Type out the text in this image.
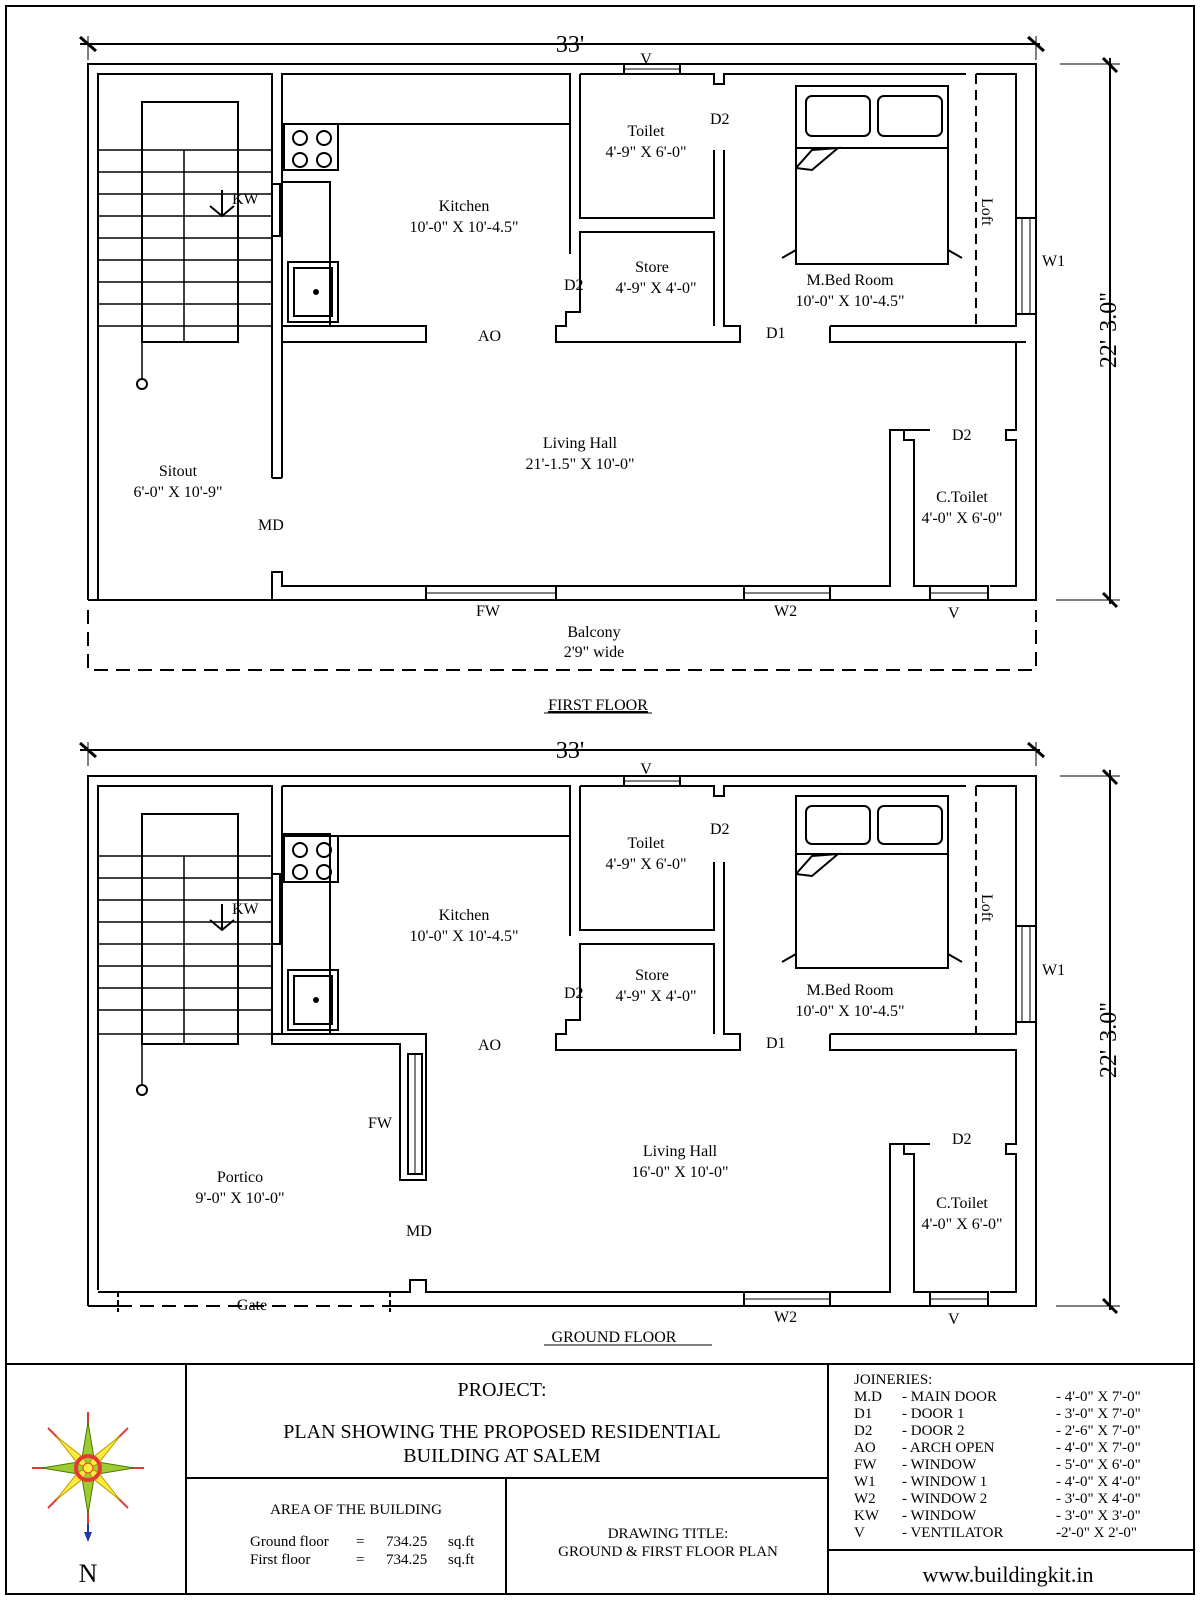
33'
22'-3.0"
Kitchen
10'-0" X 10'-4.5"
Toilet
4'-9" X 6'-0"
Store
4'-9" X 4'-0"	M.Bed Room
10'-0" X 10'-4.5"
Living Hall
21'-1.5" X 10'-0"
C.Toilet
4'-0" X 6'-0"
Sitout
6'-0" X 10'-9"
Balcony
2'9" wide
KW
V
D2
D2
Loft
W1
AO	D1
D2
MD
FW	W2	V
FIRST FLOOR
33'
22'-3.0"
Kitchen
10'-0" X 10'-4.5"
Toilet
4'-9" X 6'-0"
Store
4'-9" X 4'-0"	M.Bed Room
10'-0" X 10'-4.5"
Living Hall
16'-0" X 10'-0"
C.Toilet
4'-0" X 6'-0"
Portico
9'-0" X 10'-0"
KW
V
D2
D2
Loft
W1
AO	D1
D2
MD
FW
W2	V
Gate
GROUND FLOOR
N
PROJECT:
PLAN SHOWING THE PROPOSED RESIDENTIAL
BUILDING AT SALEM
AREA OF THE BUILDING
Ground floor = 734.25 sq.ft
First floor	= 734.25 sq.ft
DRAWING TITLE:
GROUND & FIRST FLOOR PLAN
JOINERIES:
M.D - MAIN DOOR	- 4'-0" X 7'-0"
D1 - DOOR 1	- 3'-0" X 7'-0"
D2 - DOOR 2	- 2'-6" X 7'-0"
AO - ARCH OPEN	- 4'-0" X 7'-0"
FW - WINDOW	- 5'-0" X 6'-0"
W1 - WINDOW 1	- 4'-0" X 4'-0"
W2 - WINDOW 2	- 3'-0" X 4'-0"
KW - WINDOW	- 3'-0" X 3'-0"
V - VENTILATOR	-2'-0" X 2'-0"
www.buildingkit.in
